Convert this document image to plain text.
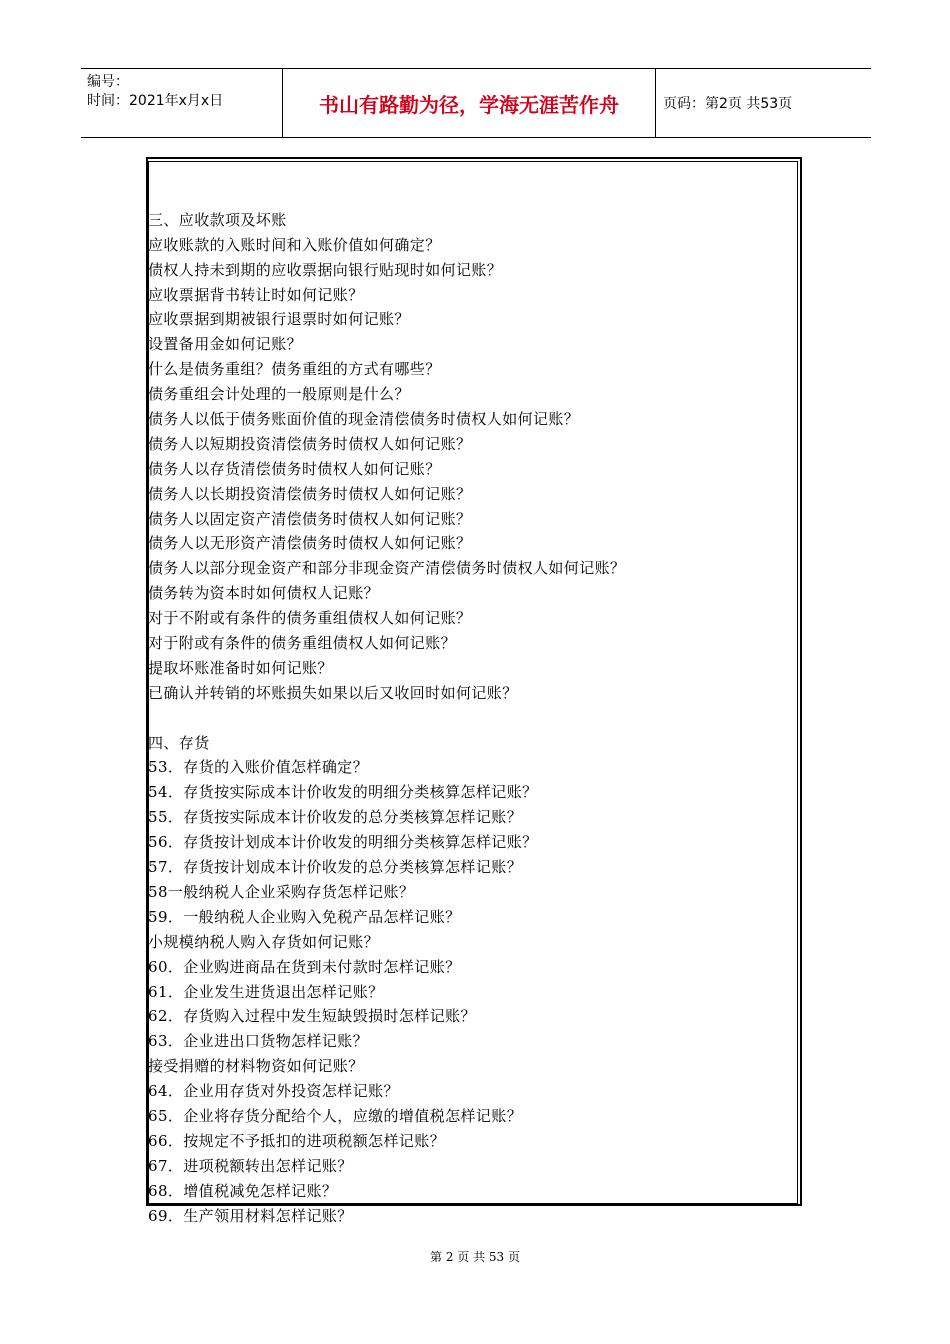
编号：
时间：2021年x月x日	书山有路勤为径，学海无涯苦作舟	页码：第2页 共53页
三、应收款项及坏账
应收账款的入账时间和入账价值如何确定？
债权人持未到期的应收票据向银行贴现时如何记账？
应收票据背书转让时如何记账？
应收票据到期被银行退票时如何记账？
设置备用金如何记账？
什么是债务重组？债务重组的方式有哪些？
债务重组会计处理的一般原则是什么？
债务人以低于债务账面价值的现金清偿债务时债权人如何记账？
债务人以短期投资清偿债务时债权人如何记账？
债务人以存货清偿债务时债权人如何记账？
债务人以长期投资清偿债务时债权人如何记账？
债务人以固定资产清偿债务时债权人如何记账？
债务人以无形资产清偿债务时债权人如何记账？
债务人以部分现金资产和部分非现金资产清偿债务时债权人如何记账？
债务转为资本时如何债权人记账？
对于不附或有条件的债务重组债权人如何记账？
对于附或有条件的债务重组债权人如何记账？
提取坏账准备时如何记账？
已确认并转销的坏账损失如果以后又收回时如何记账？
四、存货
53．存货的入账价值怎样确定？
54．存货按实际成本计价收发的明细分类核算怎样记账？
55．存货按实际成本计价收发的总分类核算怎样记账？
56．存货按计划成本计价收发的明细分类核算怎样记账？
57．存货按计划成本计价收发的总分类核算怎样记账？
58一般纳税人企业采购存货怎样记账？
59．一般纳税人企业购入免税产品怎样记账？
小规模纳税人购入存货如何记账？
60．企业购进商品在货到未付款时怎样记账？
61．企业发生进货退出怎样记账？
62．存货购入过程中发生短缺毁损时怎样记账？
63．企业进出口货物怎样记账？
接受捐赠的材料物资如何记账？
64．企业用存货对外投资怎样记账？
65．企业将存货分配给个人，应缴的增值税怎样记账？
66．按规定不予抵扣的进项税额怎样记账？
67．进项税额转出怎样记账？
68．增值税减免怎样记账？
69．生产领用材料怎样记账？
第 2 页 共 53 页
